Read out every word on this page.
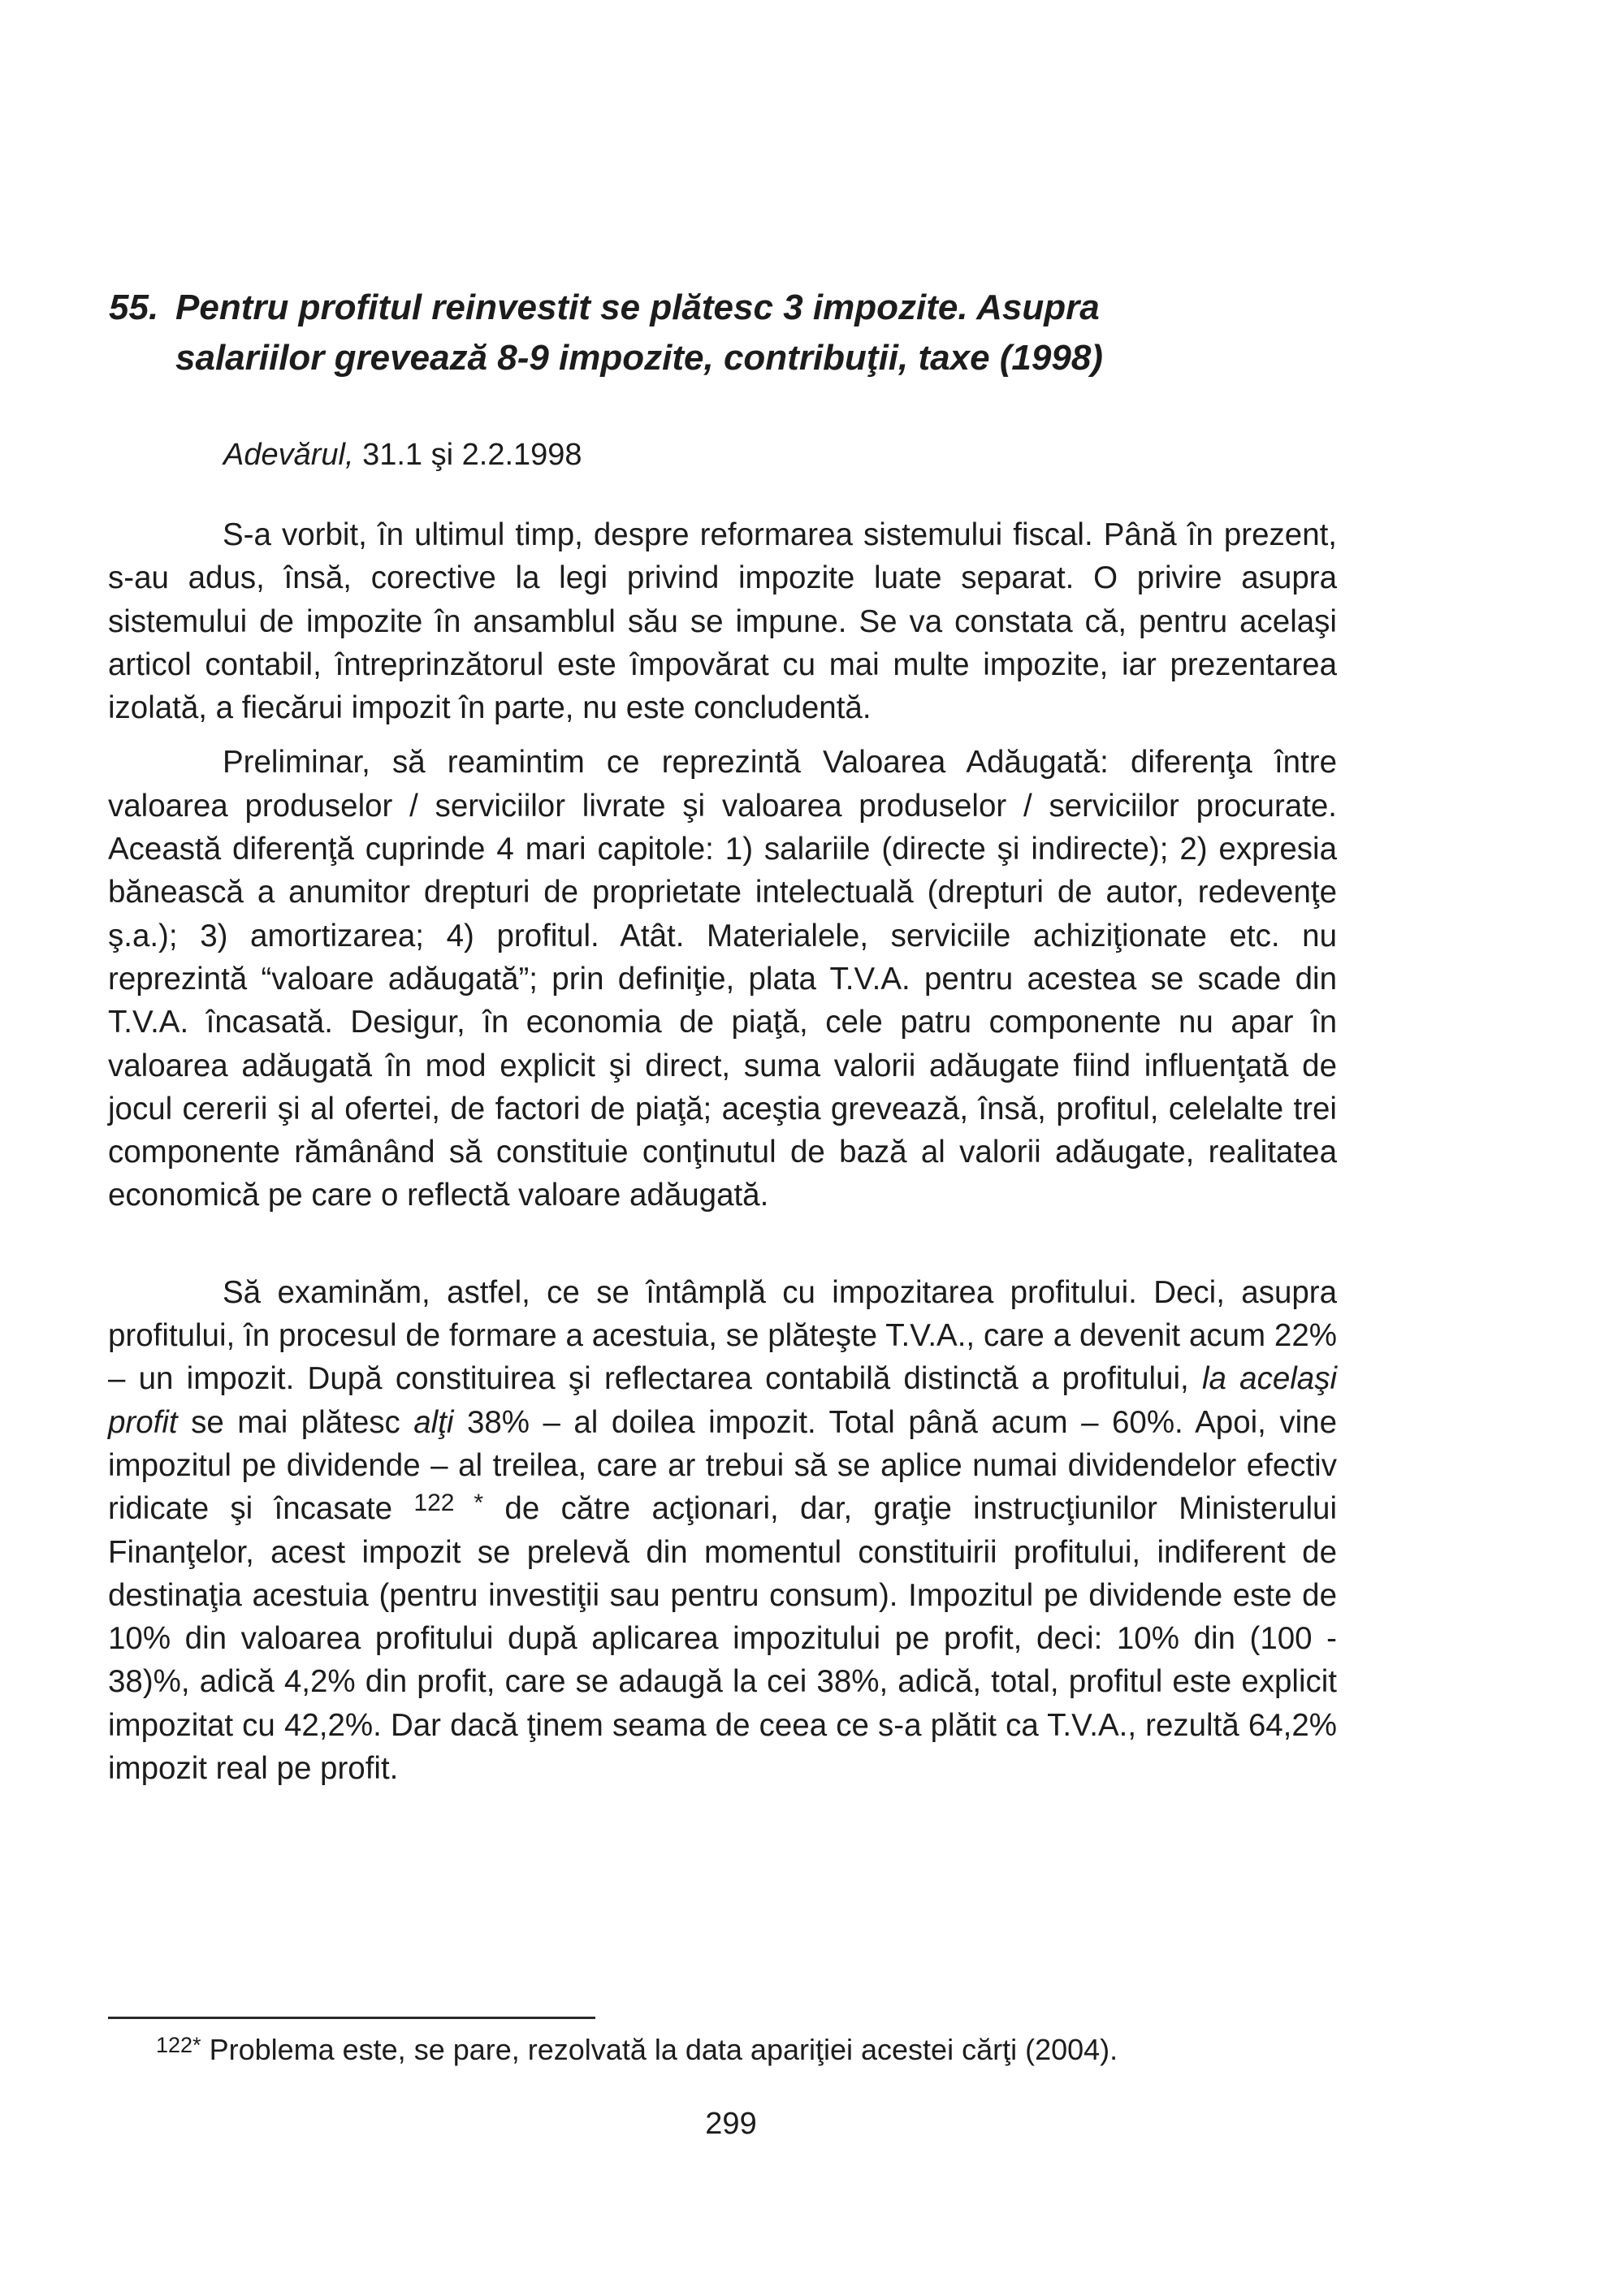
55. Pentru profitul reinvestit se plătesc 3 impozite. Asupra
salariilor grevează 8-9 impozite, contribuţii, taxe (1998)
Adevărul, 31.1 şi 2.2.1998

S-a vorbit, în ultimul timp, despre reformarea sistemului fiscal. Până în prezent, s-au adus, însă, corective la legi privind impozite luate separat. O privire asupra sistemului de impozite în ansamblul său se impune. Se va constata că, pentru acelaşi articol contabil, întreprinzătorul este împovărat cu mai multe impozite, iar prezentarea izolată, a fiecărui impozit în parte, nu este concludentă.

Preliminar, să reamintim ce reprezintă Valoarea Adăugată: diferenţa între valoarea produselor / serviciilor livrate şi valoarea produselor / serviciilor procurate. Această diferenţă cuprinde 4 mari capitole: 1) salariile (directe şi indirecte); 2) expresia bănească a anumitor drepturi de proprietate intelectuală (drepturi de autor, redevenţe ş.a.); 3) amortizarea; 4) profitul. Atât. Materialele, serviciile achiziţionate etc. nu reprezintă “valoare adăugată”; prin definiţie, plata T.V.A. pentru acestea se scade din T.V.A. încasată. Desigur, în economia de piaţă, cele patru componente nu apar în valoarea adăugată în mod explicit şi direct, suma valorii adăugate fiind influenţată de jocul cererii şi al ofertei, de factori de piaţă; aceştia grevează, însă, profitul, celelalte trei componente rămânând să constituie conţinutul de bază al valorii adăugate, realitatea economică pe care o reflectă valoare adăugată.

Să examinăm, astfel, ce se întâmplă cu impozitarea profitului. Deci, asupra profitului, în procesul de formare a acestuia, se plăteşte T.V.A., care a devenit acum 22% – un impozit. După constituirea şi reflectarea contabilă distinctă a profitului, la acelaşi profit se mai plătesc alţi 38% – al doilea impozit. Total până acum – 60%. Apoi, vine impozitul pe dividende – al treilea, care ar trebui să se aplice numai dividendelor efectiv ridicate şi încasate $^{122}$ * de către acţionari, dar, graţie instrucţiunilor Ministerului Finanţelor, acest impozit se prelevă din momentul constituirii profitului, indiferent de destinaţia acestuia (pentru investiţii sau pentru consum). Impozitul pe dividende este de 10% din valoarea profitului după aplicarea impozitului pe profit, deci: 10% din (100 - 38)%, adică 4,2% din profit, care se adaugă la cei 38%, adică, total, profitul este explicit impozitat cu 42,2%. Dar dacă ţinem seama de ceea ce s-a plătit ca T.V.A., rezultă 64,2% impozit real pe profit.

$^{122*}$ Problema este, se pare, rezolvată la data apariţiei acestei cărţi (2004).
299
